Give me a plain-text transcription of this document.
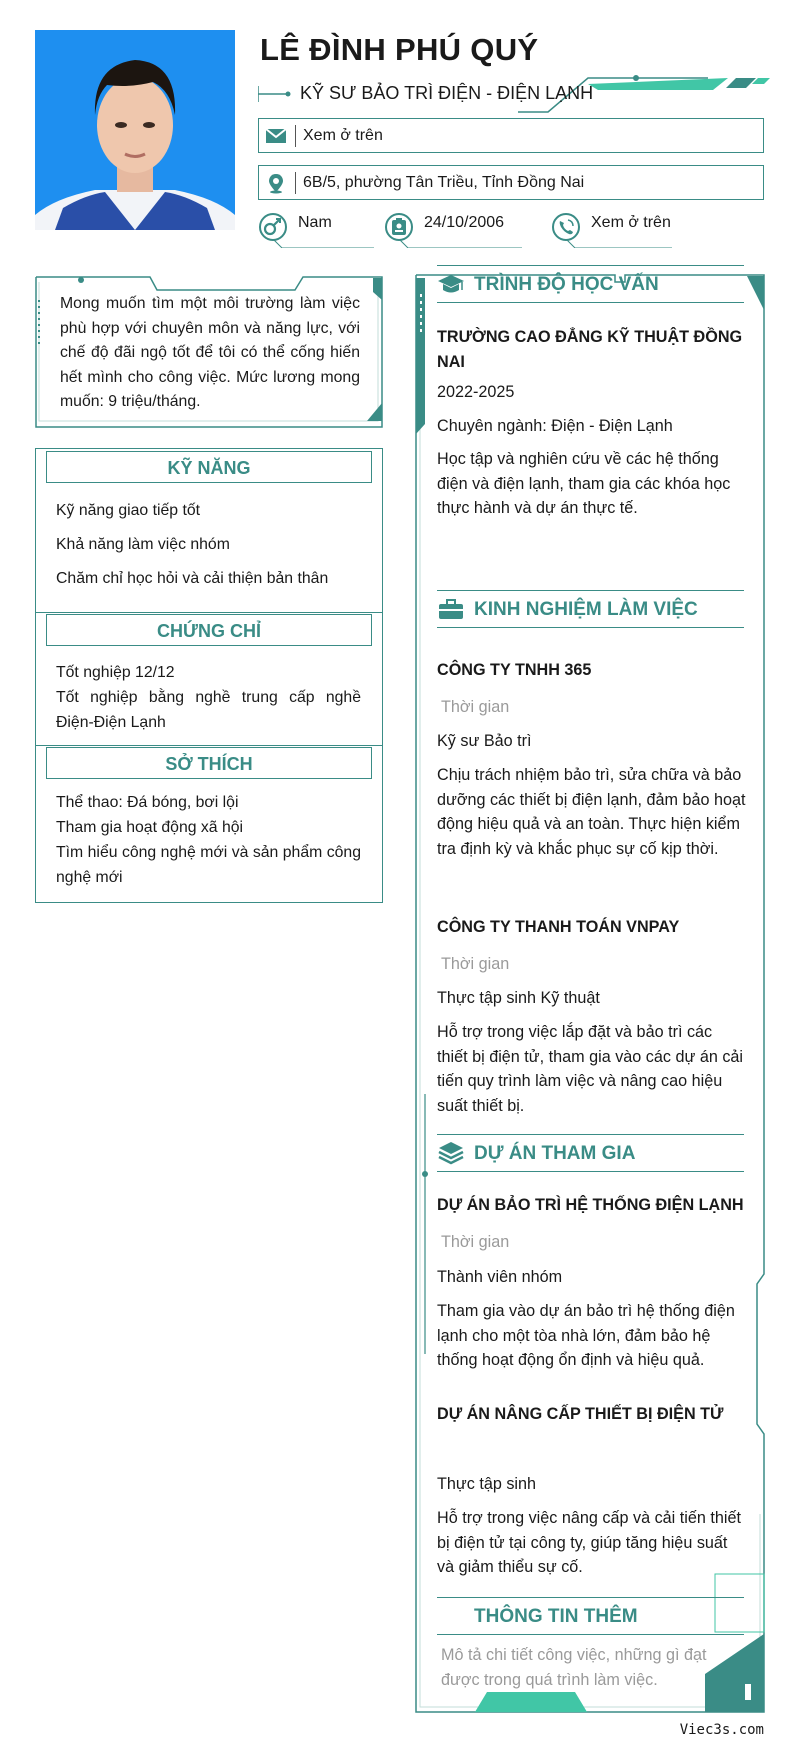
LÊ ĐÌNH PHÚ QUÝ
KỸ SƯ BẢO TRÌ ĐIỆN - ĐIỆN LẠNH
Xem ở trên
6B/5, phường Tân Triều, Tỉnh Đồng Nai
Nam	24/10/2006	Xem ở trên
Mong muốn tìm một môi trường làm việc phù hợp với chuyên môn và năng lực, với chế độ đãi ngộ tốt để tôi có thể cống hiến hết mình cho công việc. Mức lương mong muốn: 9 triệu/tháng.
KỸ NĂNG
Kỹ năng giao tiếp tốt
Khả năng làm việc nhóm
Chăm chỉ học hỏi và cải thiện bản thân
CHỨNG CHỈ
Tốt nghiệp 12/12
Tốt nghiệp bằng nghề trung cấp nghề Điện-Điện Lạnh
SỞ THÍCH
Thể thao: Đá bóng, bơi lội
Tham gia hoạt động xã hội
Tìm hiểu công nghệ mới và sản phẩm công nghệ mới
TRÌNH ĐỘ HỌC VẤN
TRƯỜNG CAO ĐẲNG KỸ THUẬT ĐỒNG NAI
2022-2025
Chuyên ngành: Điện - Điện Lạnh
Học tập và nghiên cứu về các hệ thống điện và điện lạnh, tham gia các khóa học thực hành và dự án thực tế.
KINH NGHIỆM LÀM VIỆC
CÔNG TY TNHH 365
Thời gian
Kỹ sư Bảo trì
Chịu trách nhiệm bảo trì, sửa chữa và bảo dưỡng các thiết bị điện lạnh, đảm bảo hoạt động hiệu quả và an toàn. Thực hiện kiểm tra định kỳ và khắc phục sự cố kịp thời.
CÔNG TY THANH TOÁN VNPAY
Thời gian
Thực tập sinh Kỹ thuật
Hỗ trợ trong việc lắp đặt và bảo trì các thiết bị điện tử, tham gia vào các dự án cải tiến quy trình làm việc và nâng cao hiệu suất thiết bị.
DỰ ÁN THAM GIA
DỰ ÁN BẢO TRÌ HỆ THỐNG ĐIỆN LẠNH
Thời gian
Thành viên nhóm
Tham gia vào dự án bảo trì hệ thống điện lạnh cho một tòa nhà lớn, đảm bảo hệ thống hoạt động ổn định và hiệu quả.
DỰ ÁN NÂNG CẤP THIẾT BỊ ĐIỆN TỬ
Thực tập sinh
Hỗ trợ trong việc nâng cấp và cải tiến thiết bị điện tử tại công ty, giúp tăng hiệu suất và giảm thiểu sự cố.
THÔNG TIN THÊM
Mô tả chi tiết công việc, những gì đạt được trong quá trình làm việc.
Viec3s.com
